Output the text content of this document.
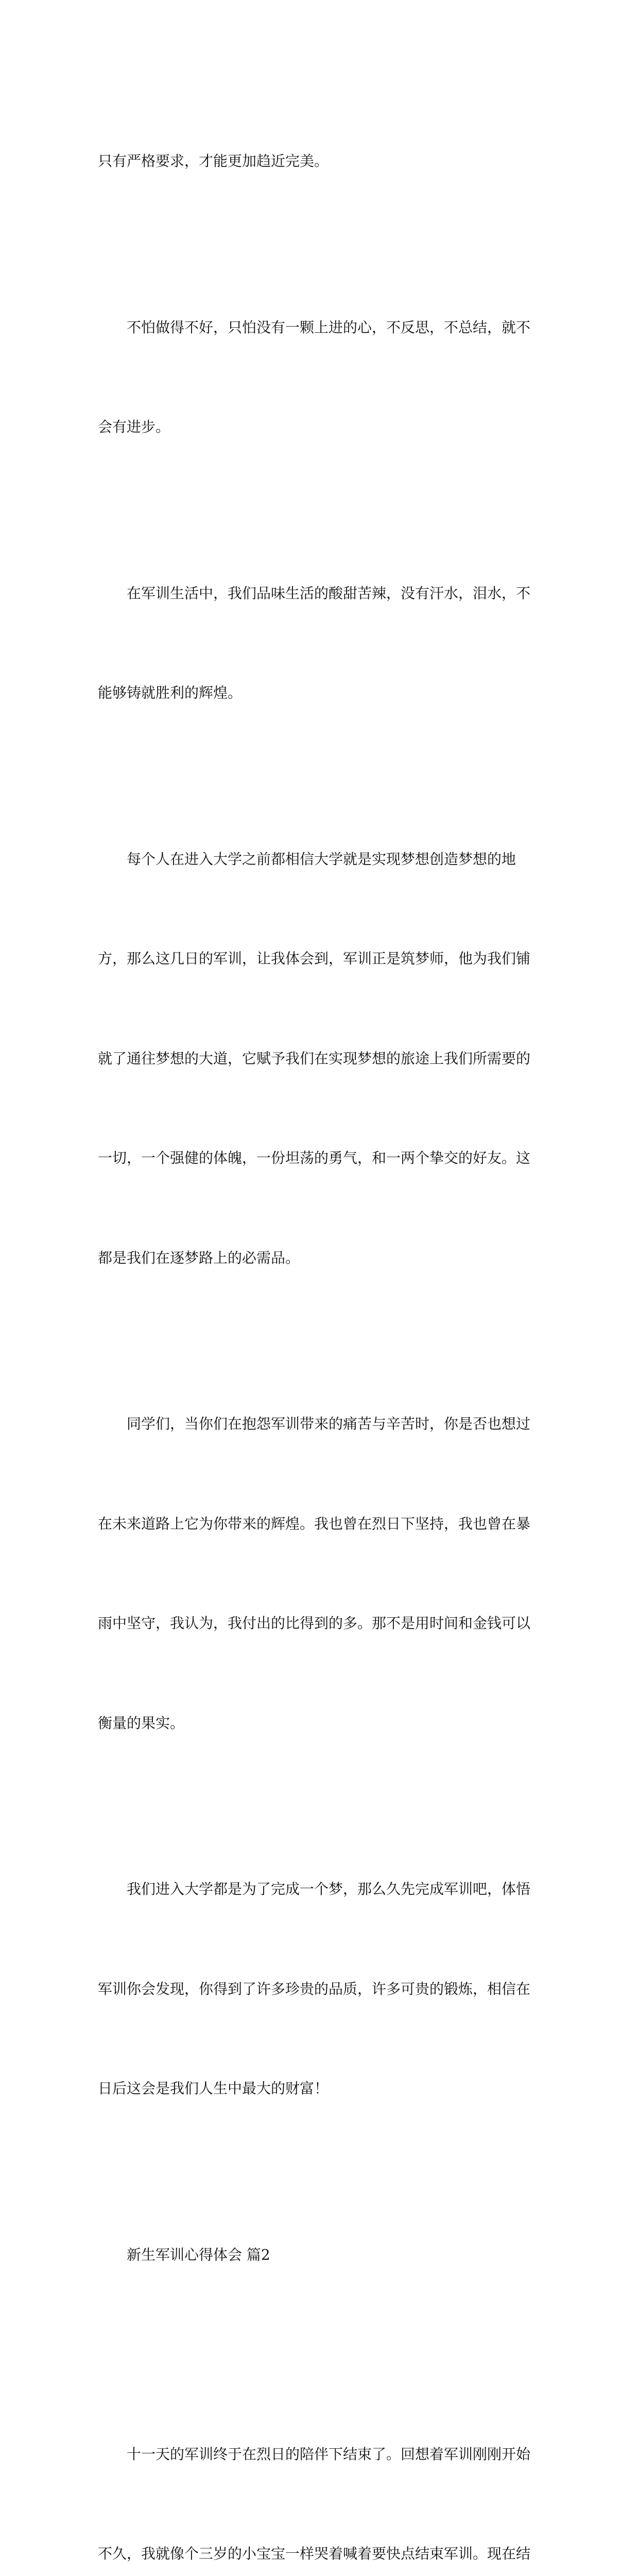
只有严格要求，才能更加趋近完美。

不怕做得不好，只怕没有一颗上进的心，不反思，不总结，就不

会有进步。

在军训生活中，我们品味生活的酸甜苦辣，没有汗水，泪水，不

能够铸就胜利的辉煌。

每个人在进入大学之前都相信大学就是实现梦想创造梦想的地

方，那么这几日的军训，让我体会到，军训正是筑梦师，他为我们铺

就了通往梦想的大道，它赋予我们在实现梦想的旅途上我们所需要的

一切，一个强健的体魄，一份坦荡的勇气，和一两个挚交的好友。这

都是我们在逐梦路上的必需品。

同学们，当你们在抱怨军训带来的痛苦与辛苦时，你是否也想过

在未来道路上它为你带来的辉煌。我也曾在烈日下坚持，我也曾在暴

雨中坚守，我认为，我付出的比得到的多。那不是用时间和金钱可以

衡量的果实。

我们进入大学都是为了完成一个梦，那么久先完成军训吧，体悟

军训你会发现，你得到了许多珍贵的品质，许多可贵的锻炼，相信在

日后这会是我们人生中最大的财富！

新生军训心得体会 篇2

十一天的军训终于在烈日的陪伴下结束了。回想着军训刚刚开始

不久，我就像个三岁的小宝宝一样哭着喊着要快点结束军训。现在结
